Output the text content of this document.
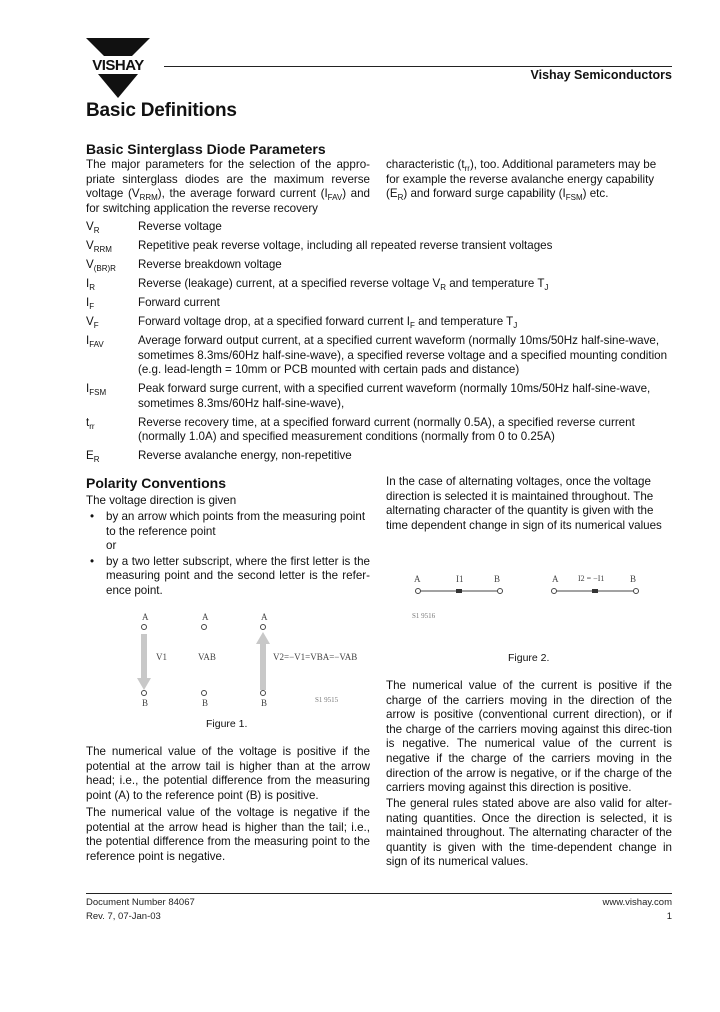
VISHAY
Vishay Semiconductors
Basic Definitions
Basic Sinterglass Diode Parameters
The major parameters for the selection of the appro-priate sinterglass diodes are the maximum reverse voltage $(V_{RRM})$, the average forward current $(I_{FAV})$ and for switching application the reverse recovery
characteristic $(t_{rr})$, too. Additional parameters may be for example the reverse avalanche energy capability $(E_R)$ and forward surge capability $(I_{FSM})$ etc.
$V_R$	Reverse voltage
$V_{RRM}$	Repetitive peak reverse voltage, including all repeated reverse transient voltages
$V_{(BR)R}$	Reverse breakdown voltage
$I_R$	Reverse (leakage) current, at a specified reverse voltage $V_R$ and temperature $T_J$
$I_F$	Forward current
$V_F$	Forward voltage drop, at a specified forward current $I_F$ and temperature $T_J$
$I_{FAV}$	Average forward output current, at a specified current waveform (normally 10ms/50Hz half-sine-wave, sometimes 8.3ms/60Hz half-sine-wave), a specified reverse voltage and a specified mounting condition (e.g. lead-length = 10mm or PCB mounted with certain pads and distance)
$I_{FSM}$	Peak forward surge current, with a specified current waveform (normally 10ms/50Hz half-sine-wave, sometimes 8.3ms/60Hz half-sine-wave),
$t_{rr}$	Reverse recovery time, at a specified forward current (normally 0.5A), a specified reverse current (normally 1.0A) and specified measurement conditions (normally from 0 to 0.25A)
$E_R$	Reverse avalanche energy, non-repetitive
Polarity Conventions
The voltage direction is given
• by an arrow which points from the measuring point to the reference point
or
• by a two letter subscript, where the first letter is the measuring point and the second letter is the refer-ence point.
A
V1
B
A
VAB
B
A
V2=−V1=VBA=−VAB
B	S1 9515
Figure 1.
The numerical value of the voltage is positive if the potential at the arrow tail is higher than at the arrow head; i.e., the potential difference from the measuring point (A) to the reference point (B) is positive.
The numerical value of the voltage is negative if the potential at the arrow head is higher than the tail; i.e., the potential difference from the measuring point to the reference point is negative.
In the case of alternating voltages, once the voltage direction is selected it is maintained throughout. The alternating character of the quantity is given with the time dependent change in sign of its numerical values
A	I1	B	A I2 = −I1	B
S1 9516
Figure 2.
The numerical value of the current is positive if the charge of the carriers moving in the direction of the arrow is positive (conventional current direction), or if the charge of the carriers moving against this direc-tion is negative. The numerical value of the current is negative if the charge of the carriers moving in the direction of the arrow is negative, or if the charge of the carriers moving against this direction is positive.
The general rules stated above are also valid for alter-nating quantities. Once the direction is selected, it is maintained throughout. The alternating character of the quantity is given with the time-dependent change in sign of its numerical values.
Document Number 84067
Rev. 7, 07-Jan-03
www.vishay.com
1
